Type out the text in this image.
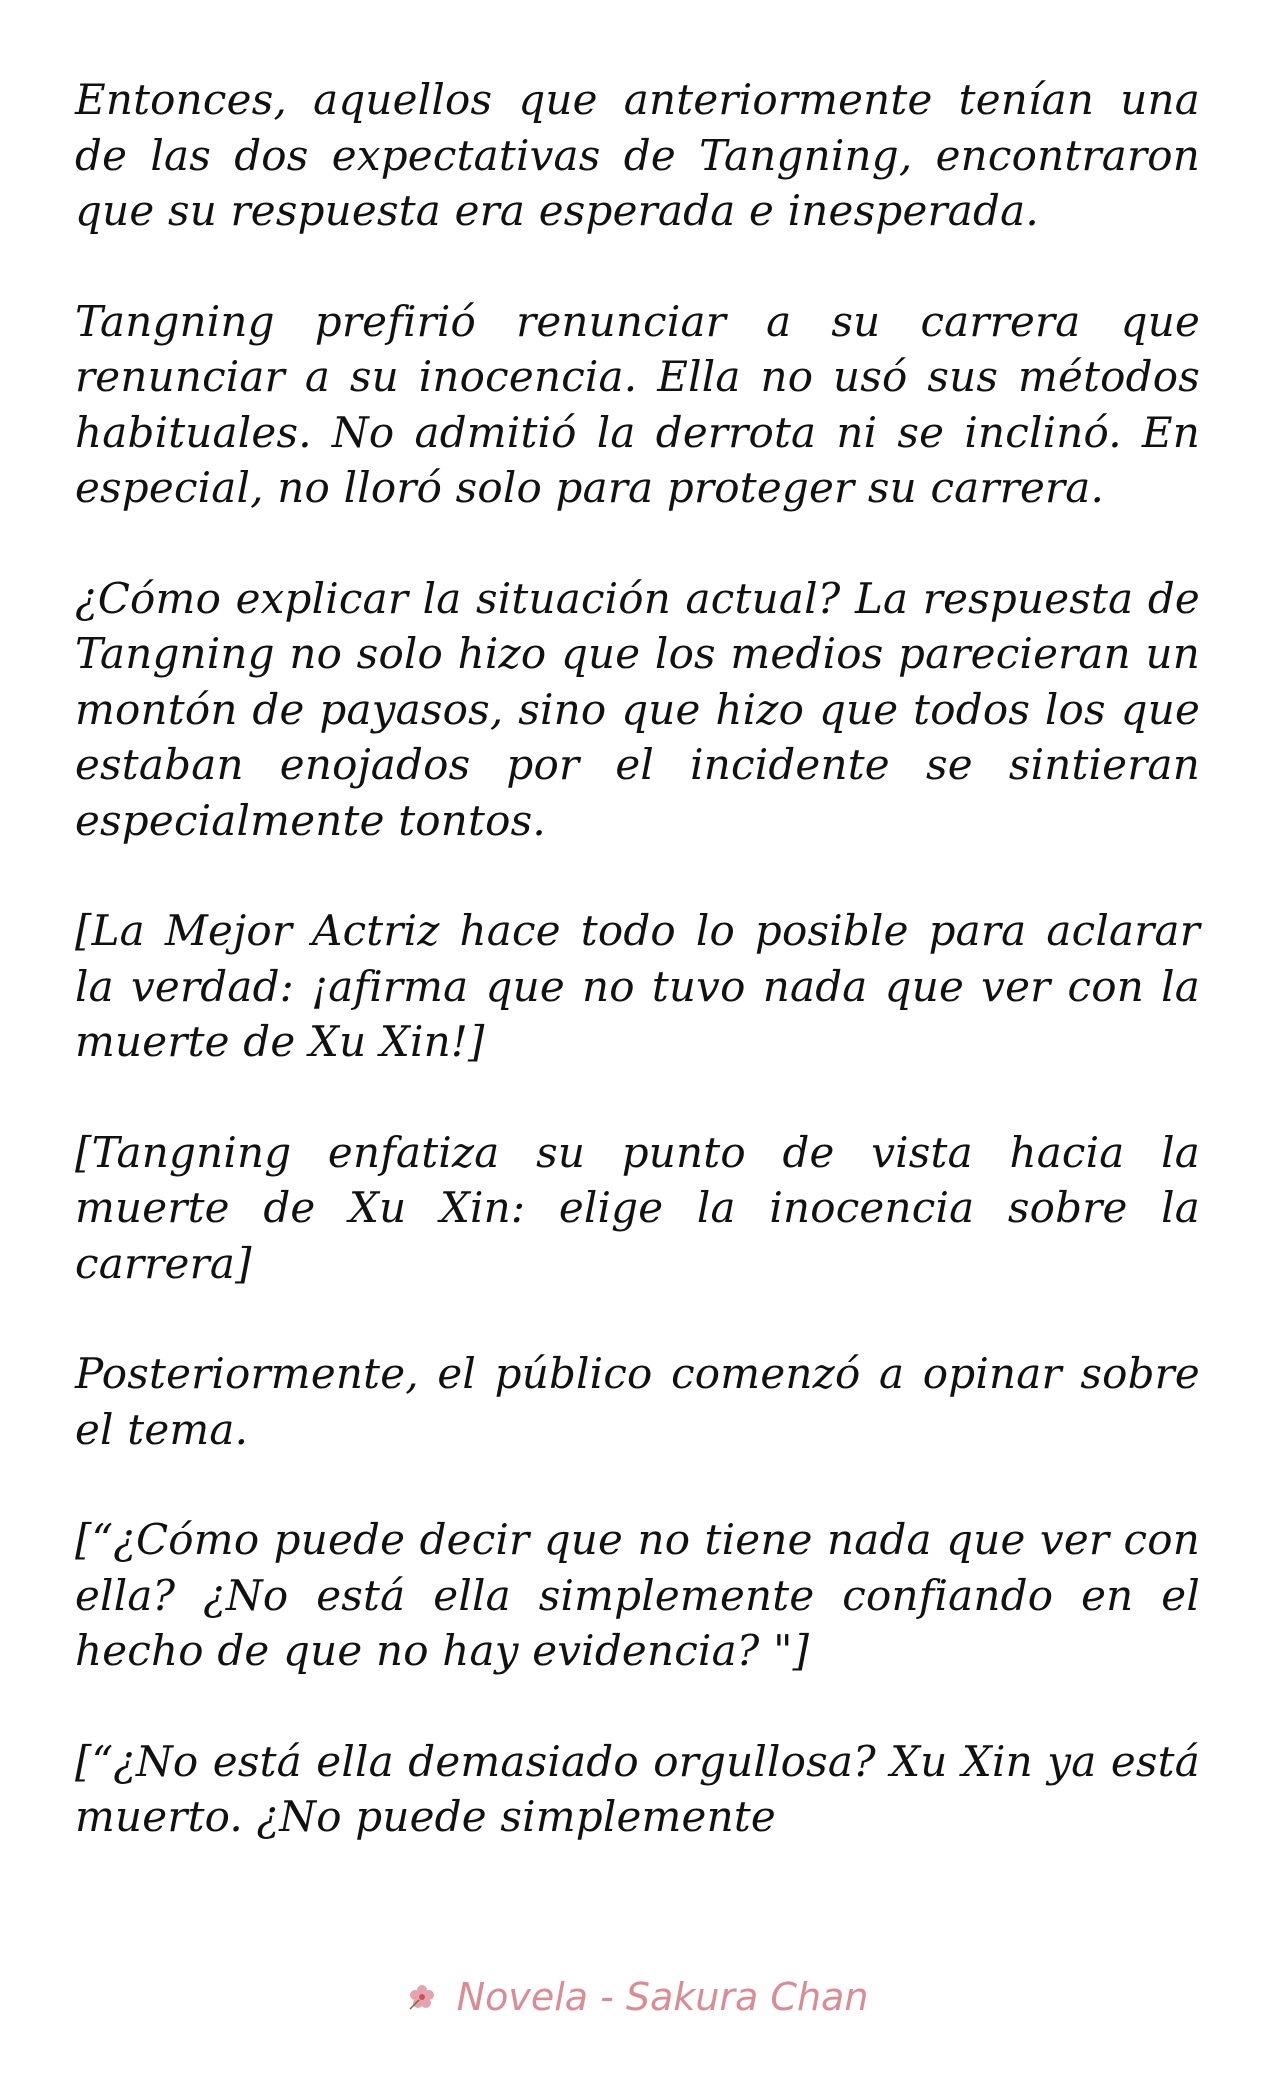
Entonces, aquellos que anteriormente tenían una de las dos expectativas de Tangning, encontraron que su respuesta era esperada e inesperada.

Tangning prefirió renunciar a su carrera que renunciar a su inocencia. Ella no usó sus métodos habituales. No admitió la derrota ni se inclinó. En especial, no lloró solo para proteger su carrera.

¿Cómo explicar la situación actual? La respuesta de Tangning no solo hizo que los medios parecieran un montón de payasos, sino que hizo que todos los que estaban enojados por el incidente se sintieran especialmente tontos.

[La Mejor Actriz hace todo lo posible para aclarar la verdad: ¡afirma que no tuvo nada que ver con la muerte de Xu Xin!]

[Tangning enfatiza su punto de vista hacia la muerte de Xu Xin: elige la inocencia sobre la carrera]

Posteriormente, el público comenzó a opinar sobre el tema.

[“¿Cómo puede decir que no tiene nada que ver con ella? ¿No está ella simplemente confiando en el hecho de que no hay evidencia? "]

[“¿No está ella demasiado orgullosa? Xu Xin ya está muerto. ¿No puede simplemente

Novela - Sakura Chan
